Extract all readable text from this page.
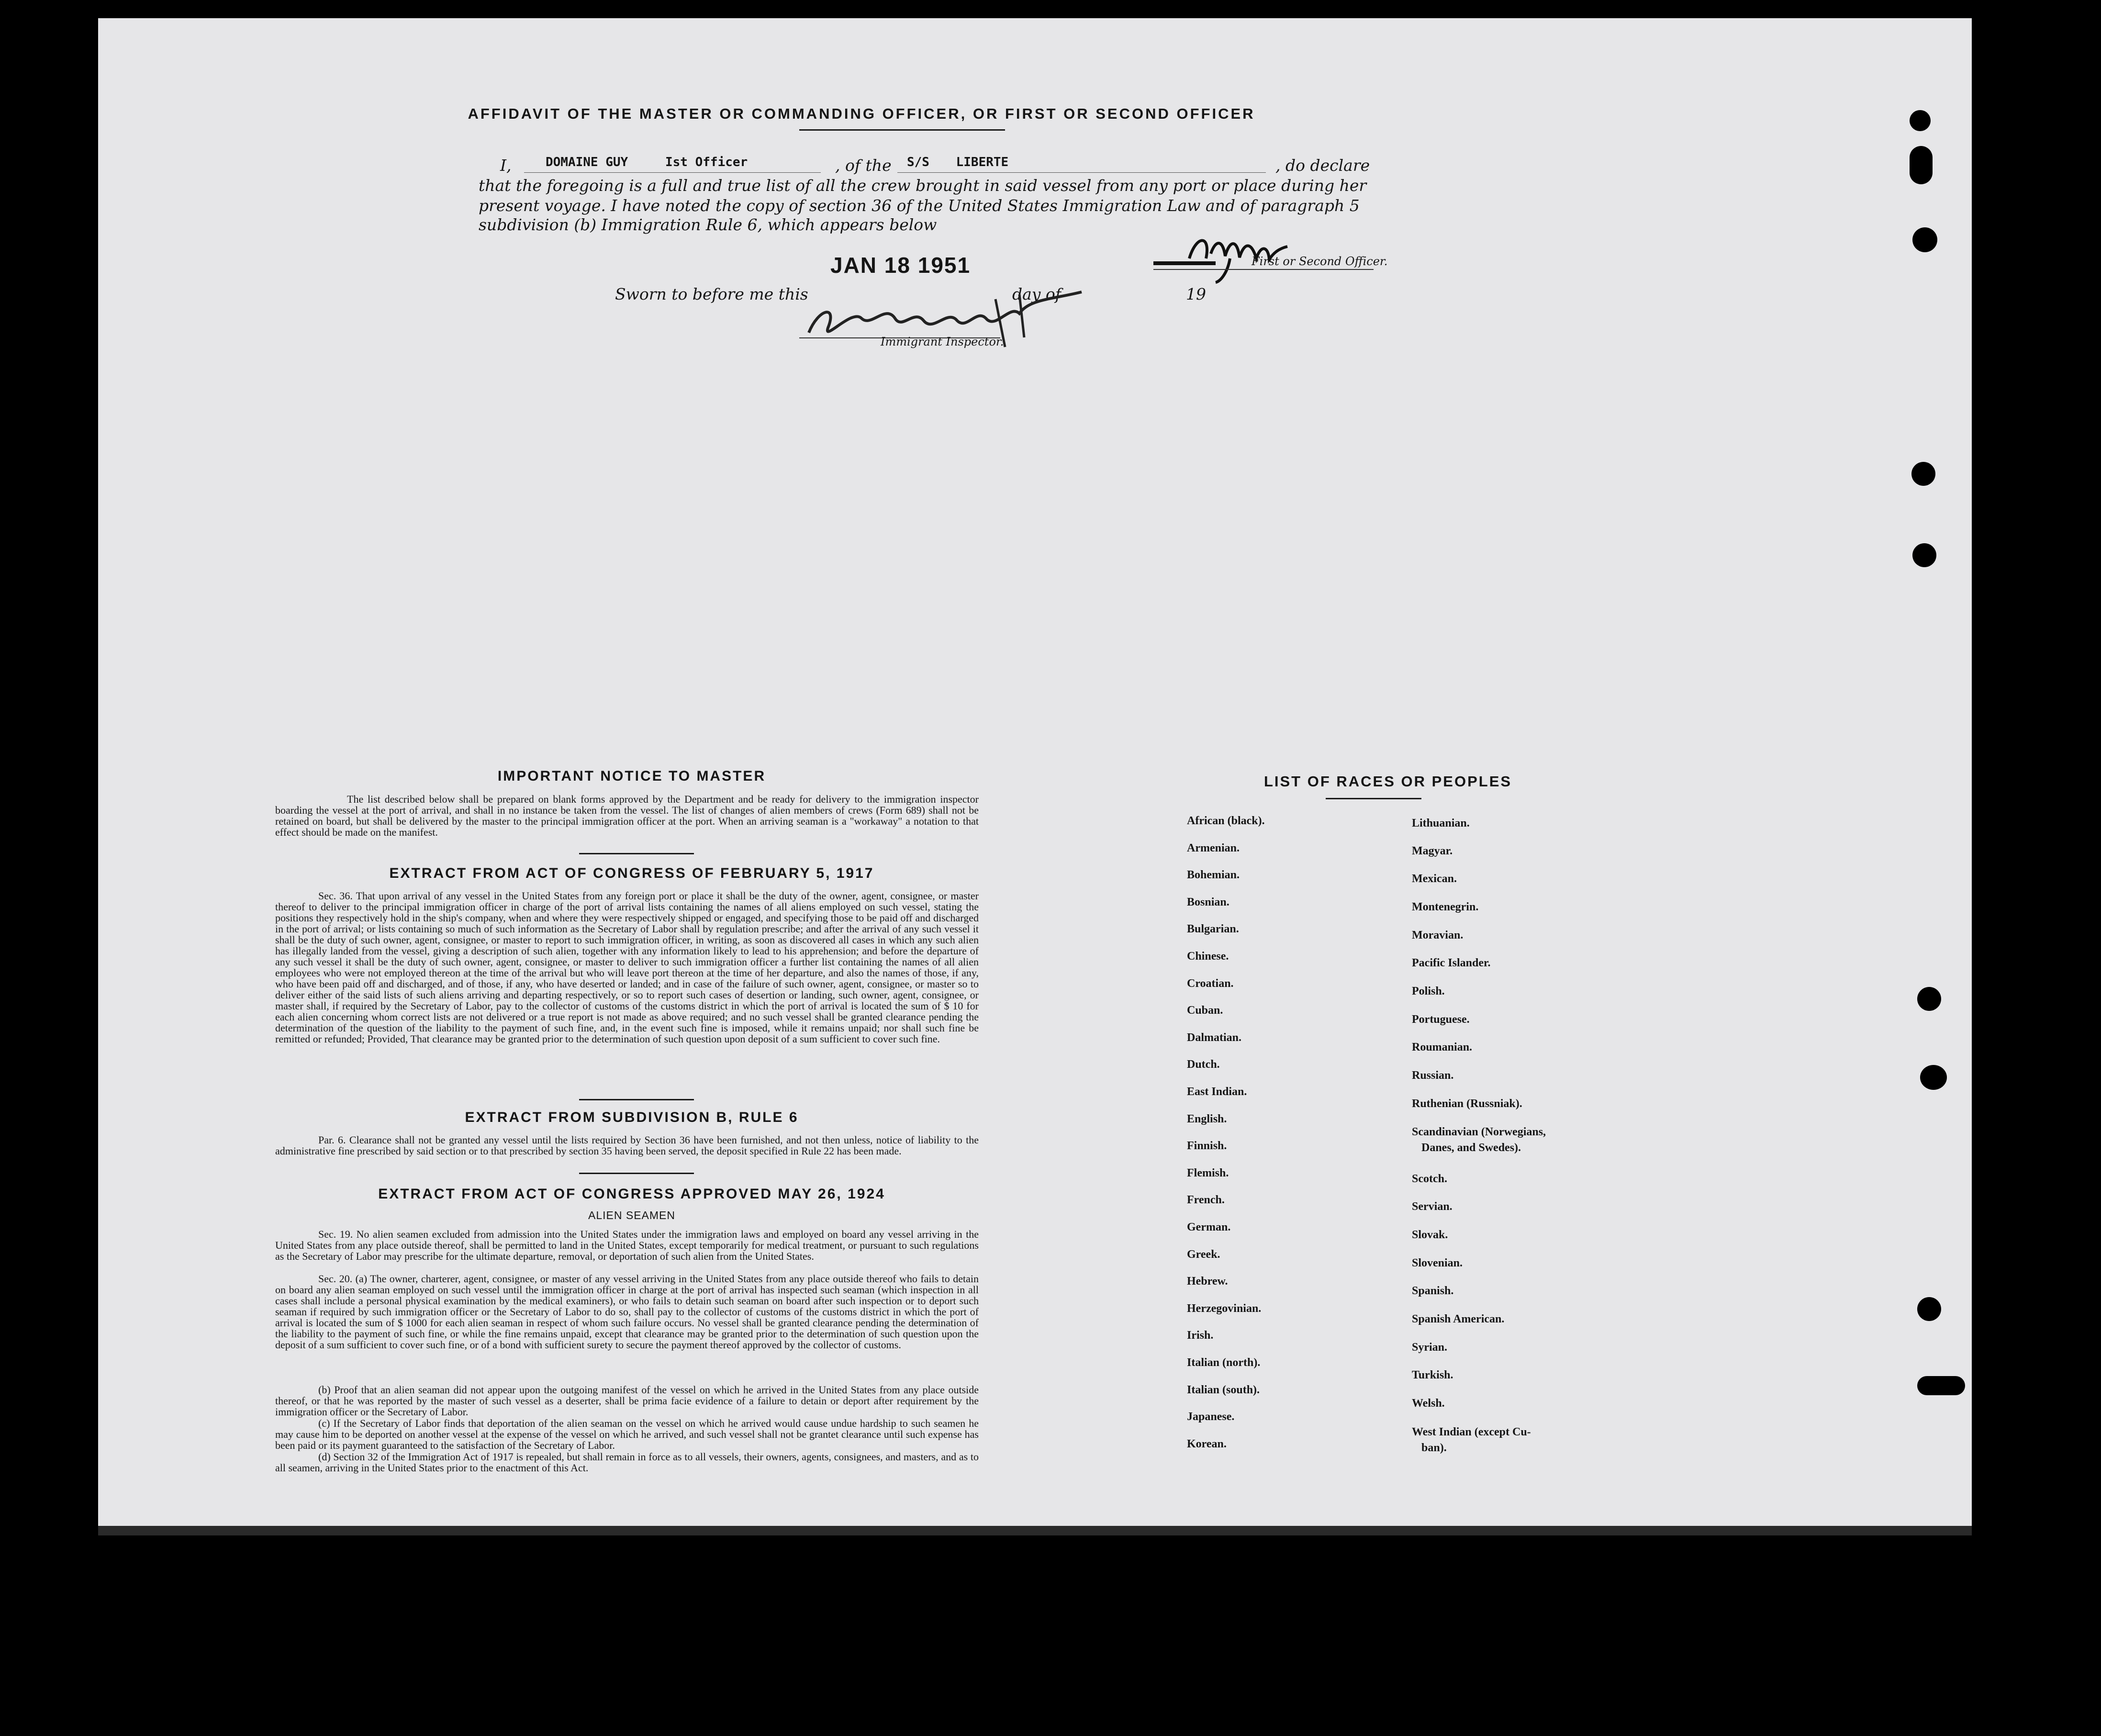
AFFIDAVIT OF THE MASTER OR COMMANDING OFFICER, OR FIRST OR SECOND OFFICER
I,	DOMAINE GUY	Ist Officer	, of the S/S LIBERTE	, do declare
that the foregoing is a full and true list of all the crew brought in said vessel from any port or place during her
present voyage. I have noted the copy of section 36 of the United States Immigration Law and of paragraph 5
subdivision (b) Immigration Rule 6, which appears below
JAN 18 1951	First or Second Officer.
Sworn to before me this	day of	19
Immigrant Inspector.
IMPORTANT NOTICE TO MASTER
The list described below shall be prepared on blank forms approved by the Department and be ready for delivery to the immigration inspector boarding the vessel at the port of arrival, and shall in no instance be taken from the vessel. The list of changes of alien members of crews (Form 689) shall not be retained on board, but shall be delivered by the master to the principal immigration officer at the port. When an arriving seaman is a "workaway" a notation to that effect should be made on the manifest.
EXTRACT FROM ACT OF CONGRESS OF FEBRUARY 5, 1917
Sec. 36. That upon arrival of any vessel in the United States from any foreign port or place it shall be the duty of the owner, agent, consignee, or master thereof to deliver to the principal immigration officer in charge of the port of arrival lists containing the names of all aliens employed on such vessel, stating the positions they respectively hold in the ship's company, when and where they were respectively shipped or engaged, and specifying those to be paid off and discharged in the port of arrival; or lists containing so much of such information as the Secretary of Labor shall by regulation prescribe; and after the arrival of any such vessel it shall be the duty of such owner, agent, consignee, or master to report to such immigration officer, in writing, as soon as discovered all cases in which any such alien has illegally landed from the vessel, giving a description of such alien, together with any information likely to lead to his apprehension; and before the departure of any such vessel it shall be the duty of such owner, agent, consignee, or master to deliver to such immigration officer a further list containing the names of all alien employees who were not employed thereon at the time of the arrival but who will leave port thereon at the time of her departure, and also the names of those, if any, who have been paid off and discharged, and of those, if any, who have deserted or landed; and in case of the failure of such owner, agent, consignee, or master so to deliver either of the said lists of such aliens arriving and departing respectively, or so to report such cases of desertion or landing, such owner, agent, consignee, or master shall, if required by the Secretary of Labor, pay to the collector of customs of the customs district in which the port of arrival is located the sum of $ 10 for each alien concerning whom correct lists are not delivered or a true report is not made as above required; and no such vessel shall be granted clearance pending the determination of the question of the liability to the payment of such fine, and, in the event such fine is imposed, while it remains unpaid; nor shall such fine be remitted or refunded; Provided, That clearance may be granted prior to the determination of such question upon deposit of a sum sufficient to cover such fine.
EXTRACT FROM SUBDIVISION B, RULE 6
Par. 6. Clearance shall not be granted any vessel until the lists required by Section 36 have been furnished, and not then unless, notice of liability to the administrative fine prescribed by said section or to that prescribed by section 35 having been served, the deposit specified in Rule 22 has been made.
EXTRACT FROM ACT OF CONGRESS APPROVED MAY 26, 1924
ALIEN SEAMEN
Sec. 19. No alien seamen excluded from admission into the United States under the immigration laws and employed on board any vessel arriving in the United States from any place outside thereof, shall be permitted to land in the United States, except temporarily for medical treatment, or pursuant to such regulations as the Secretary of Labor may prescribe for the ultimate departure, removal, or deportation of such alien from the United States.
Sec. 20. (a) The owner, charterer, agent, consignee, or master of any vessel arriving in the United States from any place outside thereof who fails to detain on board any alien seaman employed on such vessel until the immigration officer in charge at the port of arrival has inspected such seaman (which inspection in all cases shall include a personal physical examination by the medical examiners), or who fails to detain such seaman on board after such inspection or to deport such seaman if required by such immigration officer or the Secretary of Labor to do so, shall pay to the collector of customs of the customs district in which the port of arrival is located the sum of $ 1000 for each alien seaman in respect of whom such failure occurs. No vessel shall be granted clearance pending the determination of the liability to the payment of such fine, or while the fine remains unpaid, except that clearance may be granted prior to the determination of such question upon the deposit of a sum sufficient to cover such fine, or of a bond with sufficient surety to secure the payment thereof approved by the collector of customs.
(b) Proof that an alien seaman did not appear upon the outgoing manifest of the vessel on which he arrived in the United States from any place outside thereof, or that he was reported by the master of such vessel as a deserter, shall be prima facie evidence of a failure to detain or deport after requirement by the immigration officer or the Secretary of Labor.
(c) If the Secretary of Labor finds that deportation of the alien seaman on the vessel on which he arrived would cause undue hardship to such seamen he may cause him to be deported on another vessel at the expense of the vessel on which he arrived, and such vessel shall not be grantet clearance until such expense has been paid or its payment guaranteed to the satisfaction of the Secretary of Labor.
(d) Section 32 of the Immigration Act of 1917 is repealed, but shall remain in force as to all vessels, their owners, agents, consignees, and masters, and as to all seamen, arriving in the United States prior to the enactment of this Act.
LIST OF RACES OR PEOPLES
African (black).
Armenian.
Bohemian.
Bosnian.
Bulgarian.
Chinese.
Croatian.
Cuban.
Dalmatian.
Dutch.
East Indian.
English.
Finnish.
Flemish.
French.
German.
Greek.
Hebrew.
Herzegovinian.
Irish.
Italian (north).
Italian (south).
Japanese.
Korean.
Lithuanian.
Magyar.
Mexican.
Montenegrin.
Moravian.
Pacific Islander.
Polish.
Portuguese.
Roumanian.
Russian.
Ruthenian (Russniak).
Scandinavian (Norwegians,
Danes, and Swedes).
Scotch.
Servian.
Slovak.
Slovenian.
Spanish.
Spanish American.
Syrian.
Turkish.
Welsh.
West Indian (except Cu-
ban).
